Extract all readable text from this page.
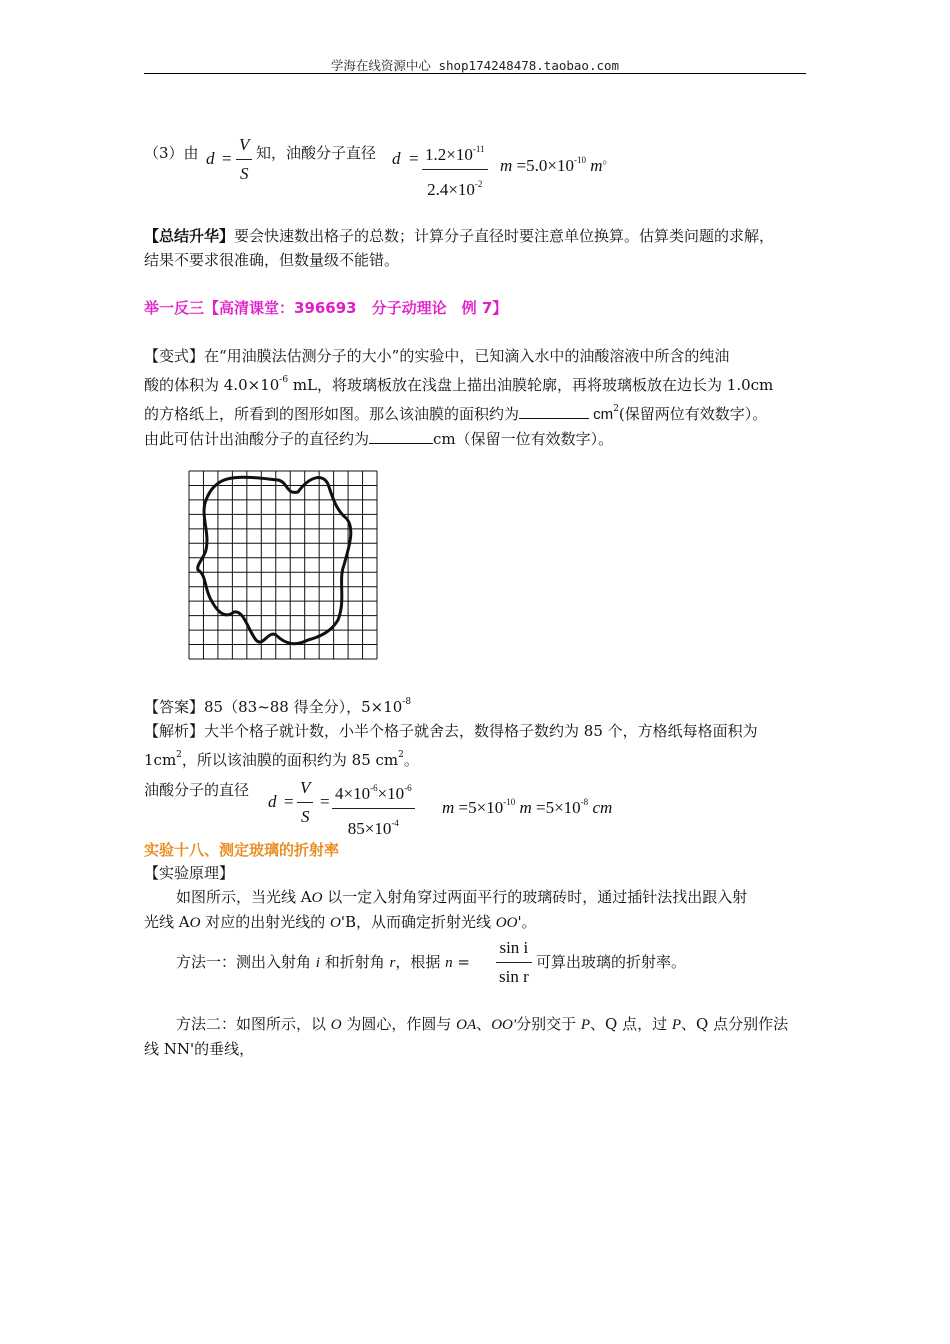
学海在线资源中心 shop174248478.taobao.com
（3）由 $d = \frac{V}{S}$ 知，油酸分子直径 $d = \frac{1.2\times 10^{-11}}{2.4\times 10^{-2}}$ $m =5.0\times 10^{-10}$ m。
【总结升华】要会快速数出格子的总数；计算分子直径时要注意单位换算。估算类问题的求解，
结果不要求很准确，但数量级不能错。
举一反三【高清课堂：396693　分子动理论　例 7】
【变式】在“用油膜法估测分子的大小”的实验中，已知滴入水中的油酸溶液中所含的纯油
酸的体积为 $4.0\times 10^{-6}$ mL，将玻璃板放在浅盘上描出油膜轮廓，再将玻璃板放在边长为 1.0cm
的方格纸上，所看到的图形如图。那么该油膜的面积约为	$cm^2$(保留两位有效数字）。
由此可估计出油酸分子的直径约为	cm（保留一位有效数字）。
【答案】85（83~88 得全分），$5\times 10^{-8}$
【解析】大半个格子就计数，小半个格子就舍去，数得格子数约为 85 个，方格纸每格面积为
$1cm^2$，所以该油膜的面积约为 85 $cm^2$。
油酸分子的直径
$d = \frac{V}{S} = \frac{4\times 10^{-6}\times 10^{-6}}{85\times 10^{-4}}$ $m =5\times 10^{-10}$ $m =5\times 10^{-8}$ cm
实验十八、测定玻璃的折射率
【实验原理】
如图所示，当光线 AO 以一定入射角穿过两面平行的玻璃砖时，通过插针法找出跟入射
光线 AO 对应的出射光线的 O'B，从而确定折射光线 OO'。
方法一：测出入射角 i 和折射角 r，根据 $n = \frac{\text{sin i}}{\text{sin r}}$ 可算出玻璃的折射率。
方法二：如图所示，以 O 为圆心，作圆与 OA、OO'分别交于 P、Q 点，过 P、Q 点分别作法
线 NN'的垂线，
